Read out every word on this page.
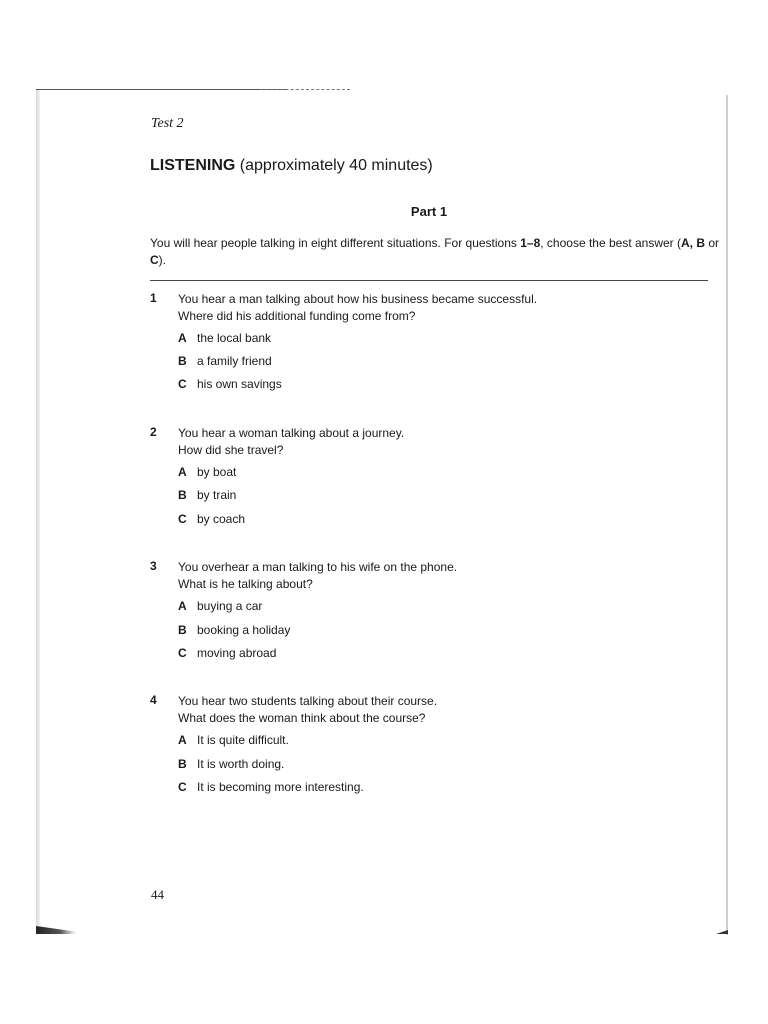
Test 2
LISTENING (approximately 40 minutes)
Part 1
You will hear people talking in eight different situations. For questions 1–8, choose the best answer (A, B or C).
1	You hear a man talking about how his business became successful.
Where did his additional funding come from?
A the local bank
B a family friend
C his own savings
2	You hear a woman talking about a journey.
How did she travel?
A by boat
B by train
C by coach
3	You overhear a man talking to his wife on the phone.
What is he talking about?
A buying a car
B booking a holiday
C moving abroad
4	You hear two students talking about their course.
What does the woman think about the course?
A It is quite difficult.
B It is worth doing.
C It is becoming more interesting.
44
